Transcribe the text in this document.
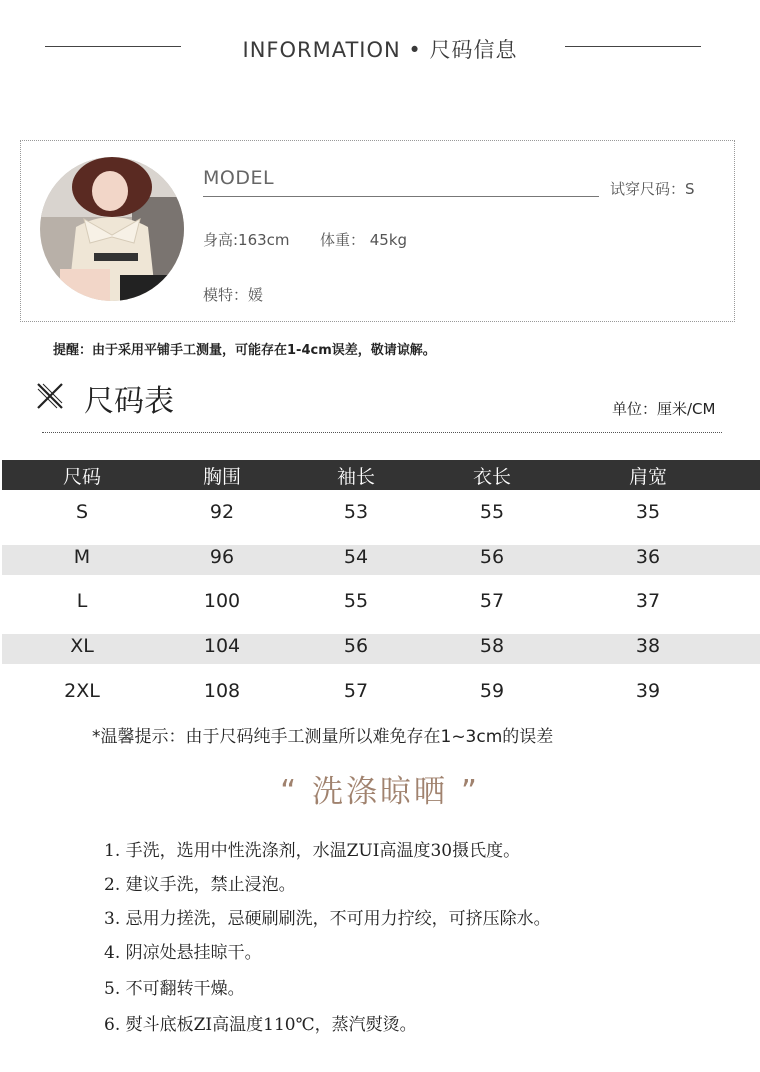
INFORMATION • 尺码信息
MODEL	试穿尺码：S
身高:163cm 体重： 45kg
模特：媛
提醒：由于采用平铺手工测量，可能存在1-4cm误差，敬请谅解。
尺码表	单位：厘米/CM
尺码	胸围	袖长	衣长	肩宽
S	92	53	55	35
M	96	54	56	36
L	100	55	57	37
XL	104	56	58	38
2XL	108	57	59	39
*温馨提示：由于尺码纯手工测量所以难免存在1~3cm的误差
“ 洗涤晾晒 ”
1. 手洗，选用中性洗涤剂，水温ZUI高温度30摄氏度。
2. 建议手洗，禁止浸泡。
3. 忌用力搓洗，忌硬刷刷洗，不可用力拧绞，可挤压除水。
4. 阴凉处悬挂晾干。
5. 不可翻转干燥。
6. 熨斗底板ZI高温度110℃，蒸汽熨烫。
